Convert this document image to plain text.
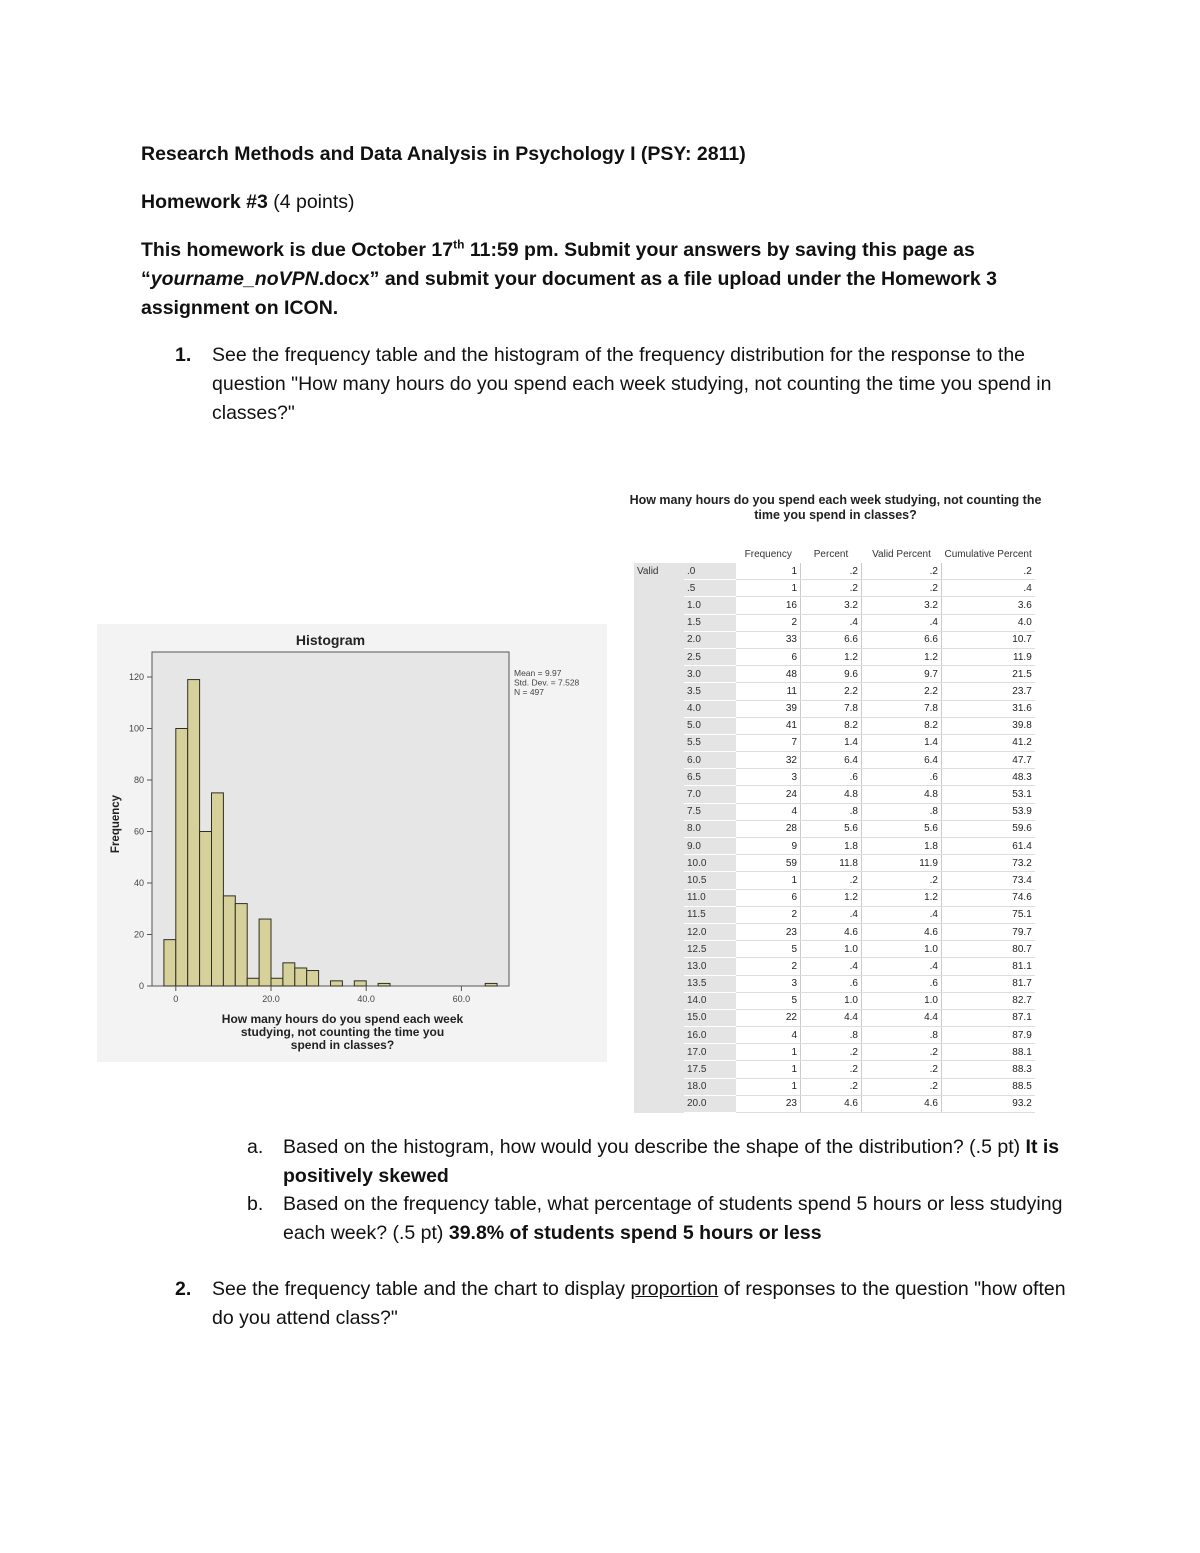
Research Methods and Data Analysis in Psychology I (PSY: 2811)

Homework #3 (4 points)

This homework is due October 17th 11:59 pm. Submit your answers by saving this page as “yourname_noVPN.docx” and submit your document as a file upload under the Homework 3 assignment on ICON.

1. See the frequency table and the histogram of the frequency distribution for the response to the question "How many hours do you spend each week studying, not counting the time you spend in classes?"
Histogram
0
20
40
60
80
100
120
0	20.0	40.0	60.0
Frequency
How many hours do you spend each week
studying, not counting the time you
spend in classes?
Mean = 9.97
Std. Dev. = 7.528
N = 497
How many hours do you spend each week studying, not counting the time you spend in classes?
		Frequency	Percent	Valid Percent	Cumulative Percent
Valid	.0	1	.2	.2	.2
	.5	1	.2	.2	.4
	1.0	16	3.2	3.2	3.6
	1.5	2	.4	.4	4.0
	2.0	33	6.6	6.6	10.7
	2.5	6	1.2	1.2	11.9
	3.0	48	9.6	9.7	21.5
	3.5	11	2.2	2.2	23.7
	4.0	39	7.8	7.8	31.6
	5.0	41	8.2	8.2	39.8
	5.5	7	1.4	1.4	41.2
	6.0	32	6.4	6.4	47.7
	6.5	3	.6	.6	48.3
	7.0	24	4.8	4.8	53.1
	7.5	4	.8	.8	53.9
	8.0	28	5.6	5.6	59.6
	9.0	9	1.8	1.8	61.4
	10.0	59	11.8	11.9	73.2
	10.5	1	.2	.2	73.4
	11.0	6	1.2	1.2	74.6
	11.5	2	.4	.4	75.1
	12.0	23	4.6	4.6	79.7
	12.5	5	1.0	1.0	80.7
	13.0	2	.4	.4	81.1
	13.5	3	.6	.6	81.7
	14.0	5	1.0	1.0	82.7
	15.0	22	4.4	4.4	87.1
	16.0	4	.8	.8	87.9
	17.0	1	.2	.2	88.1
	17.5	1	.2	.2	88.3
	18.0	1	.2	.2	88.5
	20.0	23	4.6	4.6	93.2
a. Based on the histogram, how would you describe the shape of the distribution? (.5 pt) It is positively skewed
b. Based on the frequency table, what percentage of students spend 5 hours or less studying each week? (.5 pt) 39.8% of students spend 5 hours or less
2. See the frequency table and the chart to display proportion of responses to the question "how often do you attend class?"
